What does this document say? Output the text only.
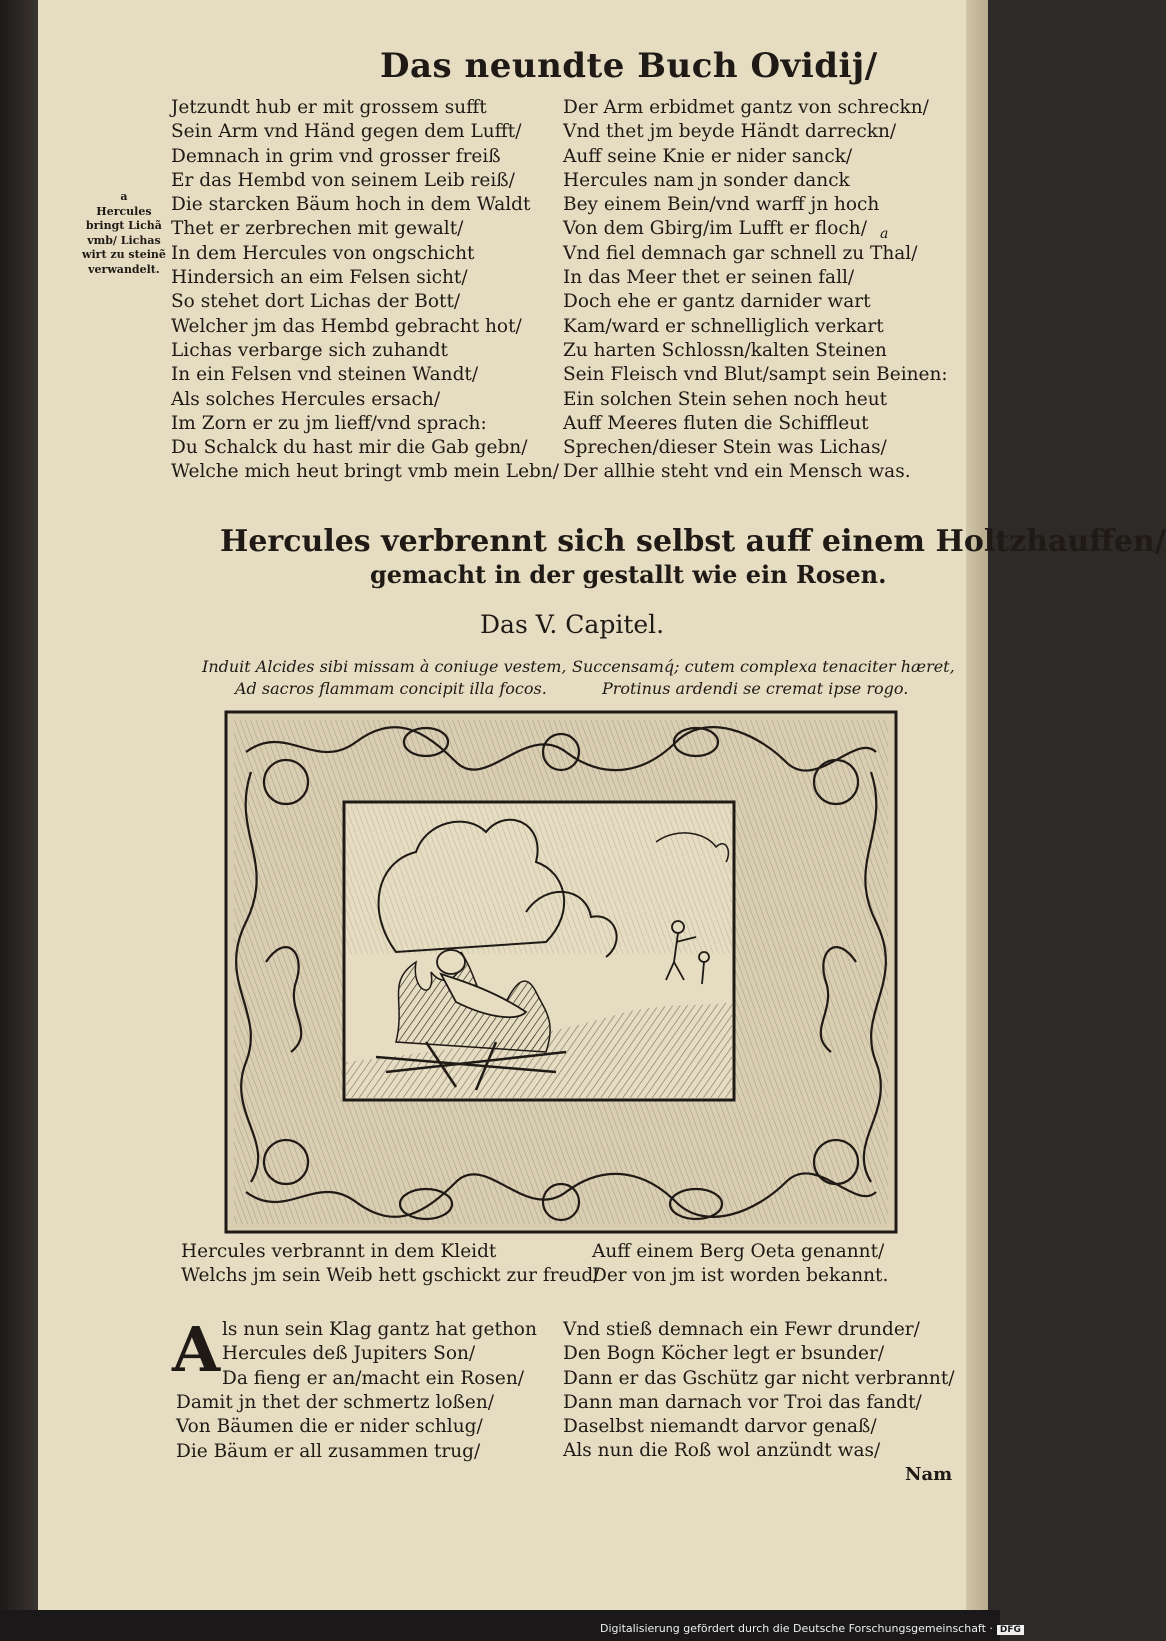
Das neundte Buch Ovidij/
Jetzundt hub er mit grossem sufft
Sein Arm vnd Händ gegen dem Lufft/
Demnach in grim vnd grosser freiß
Er das Hembd von seinem Leib reiß/
Die starcken Bäum hoch in dem Waldt
Thet er zerbrechen mit gewalt/
In dem Hercules von ongschicht
Hindersich an eim Felsen sicht/
So stehet dort Lichas der Bott/
Welcher jm das Hembd gebracht hot/
Lichas verbarge sich zuhandt
In ein Felsen vnd steinen Wandt/
Als solches Hercules ersach/
Im Zorn er zu jm lieff/vnd sprach:
Du Schalck du hast mir die Gab gebn/
Welche mich heut bringt vmb mein Lebn/
Der Arm erbidmet gantz von schreckn/
Vnd thet jm beyde Händt darreckn/
Auff seine Knie er nider sanck/
Hercules nam jn sonder danck
Bey einem Bein/vnd warff jn hoch
Von dem Gbirg/im Lufft er floch/
Vnd fiel demnach gar schnell zu Thal/
In das Meer thet er seinen fall/
Doch ehe er gantz darnider wart
Kam/ward er schnelliglich verkart
Zu harten Schlossn/kalten Steinen
Sein Fleisch vnd Blut/sampt sein Beinen:
Ein solchen Stein sehen noch heut
Auff Meeres fluten die Schiffleut
Sprechen/dieser Stein was Lichas/
Der allhie steht vnd ein Mensch was.
a
Hercules
bringt Lichã
vmb/ Lichas
wirt zu steinẽ
verwandelt.
a
Hercules verbrennt sich selbst auff einem Holtzhauffen/
gemacht in der gestallt wie ein Rosen.
Das V. Capitel.
Induit Alcides sibi missam à coniuge vestem,
Ad sacros flammam concipit illa focos.
Succensamq́; cutem complexa tenaciter hæret,
Protinus ardendi se cremat ipse rogo.
Hercules verbrannt in dem Kleidt
Welchs jm sein Weib hett gschickt zur freud/
Auff einem Berg Oeta genannt/
Der von jm ist worden bekannt.
A ls nun sein Klag gantz hat gethon
Hercules deß Jupiters Son/
Da fieng er an/macht ein Rosen/
Damit jn thet der schmertz loßen/
Von Bäumen die er nider schlug/
Die Bäum er all zusammen trug/
Vnd stieß demnach ein Fewr drunder/
Den Bogn Köcher legt er bsunder/
Dann er das Gschütz gar nicht verbrannt/
Dann man darnach vor Troi das fandt/
Daselbst niemandt darvor genaß/
Als nun die Roß wol anzündt was/
Nam
Digitalisierung gefördert durch die Deutsche Forschungsgemeinschaft · DFG
